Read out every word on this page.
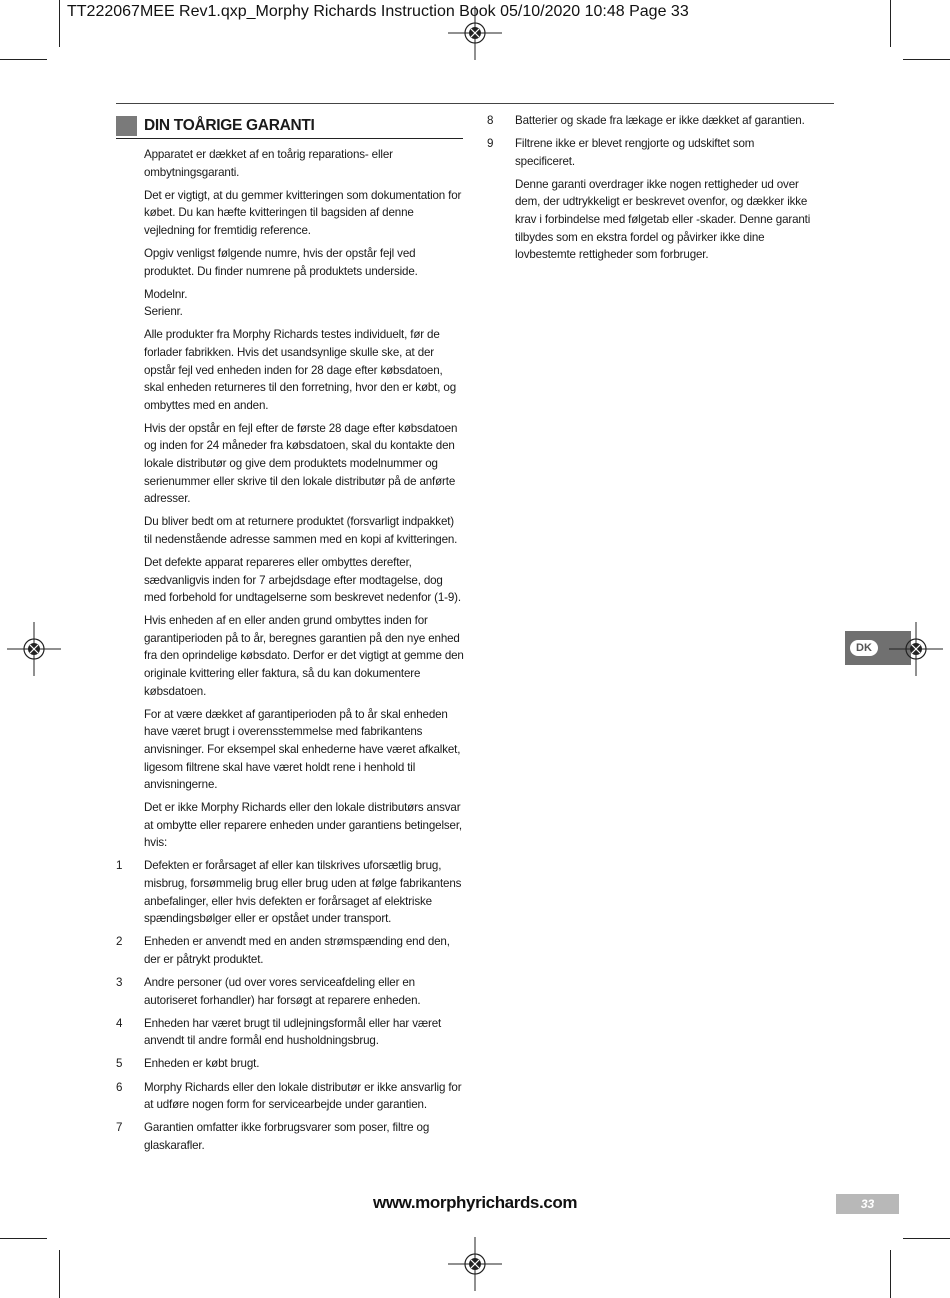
TT222067MEE Rev1.qxp_Morphy Richards Instruction Book 05/10/2020 10:48 Page 33
DIN TOÅRIGE GARANTI

Apparatet er dækket af en toårig reparations- eller ombytningsgaranti.

Det er vigtigt, at du gemmer kvitteringen som dokumentation for købet. Du kan hæfte kvitteringen til bagsiden af denne vejledning for fremtidig reference.

Opgiv venligst følgende numre, hvis der opstår fejl ved produktet. Du finder numrene på produktets underside.

Modelnr.

Serienr.

Alle produkter fra Morphy Richards testes individuelt, før de forlader fabrikken. Hvis det usandsynlige skulle ske, at der opstår fejl ved enheden inden for 28 dage efter købsdatoen, skal enheden returneres til den forretning, hvor den er købt, og ombyttes med en anden.

Hvis der opstår en fejl efter de første 28 dage efter købsdatoen og inden for 24 måneder fra købsdatoen, skal du kontakte den lokale distributør og give dem produktets modelnummer og serienummer eller skrive til den lokale distributør på de anførte adresser.

Du bliver bedt om at returnere produktet (forsvarligt indpakket) til nedenstående adresse sammen med en kopi af kvitteringen.

Det defekte apparat repareres eller ombyttes derefter, sædvanligvis inden for 7 arbejdsdage efter modtagelse, dog med forbehold for undtagelserne som beskrevet nedenfor (1-9).

Hvis enheden af en eller anden grund ombyttes inden for garantiperioden på to år, beregnes garantien på den nye enhed fra den oprindelige købsdato. Derfor er det vigtigt at gemme den originale kvittering eller faktura, så du kan dokumentere købsdatoen.

For at være dækket af garantiperioden på to år skal enheden have været brugt i overensstemmelse med fabrikantens anvisninger. For eksempel skal enhederne have været afkalket, ligesom filtrene skal have været holdt rene i henhold til anvisningerne.

Det er ikke Morphy Richards eller den lokale distributørs ansvar at ombytte eller reparere enheden under garantiens betingelser, hvis:

1 Defekten er forårsaget af eller kan tilskrives uforsætlig brug, misbrug, forsømmelig brug eller brug uden at følge fabrikantens anbefalinger, eller hvis defekten er forårsaget af elektriske spændingsbølger eller er opstået under transport.
2 Enheden er anvendt med en anden strømspænding end den, der er påtrykt produktet.
3 Andre personer (ud over vores serviceafdeling eller en autoriseret forhandler) har forsøgt at reparere enheden.
4 Enheden har været brugt til udlejningsformål eller har været anvendt til andre formål end husholdningsbrug.
5 Enheden er købt brugt.
6 Morphy Richards eller den lokale distributør er ikke ansvarlig for at udføre nogen form for servicearbejde under garantien.
7 Garantien omfatter ikke forbrugsvarer som poser, filtre og glaskarafler.
8 Batterier og skade fra lækage er ikke dækket af garantien.
9 Filtrene ikke er blevet rengjorte og udskiftet som specificeret.

Denne garanti overdrager ikke nogen rettigheder ud over dem, der udtrykkeligt er beskrevet ovenfor, og dækker ikke krav i forbindelse med følgetab eller -skader. Denne garanti tilbydes som en ekstra fordel og påvirker ikke dine lovbestemte rettigheder som forbruger.

DK
www.morphyrichards.com	33
